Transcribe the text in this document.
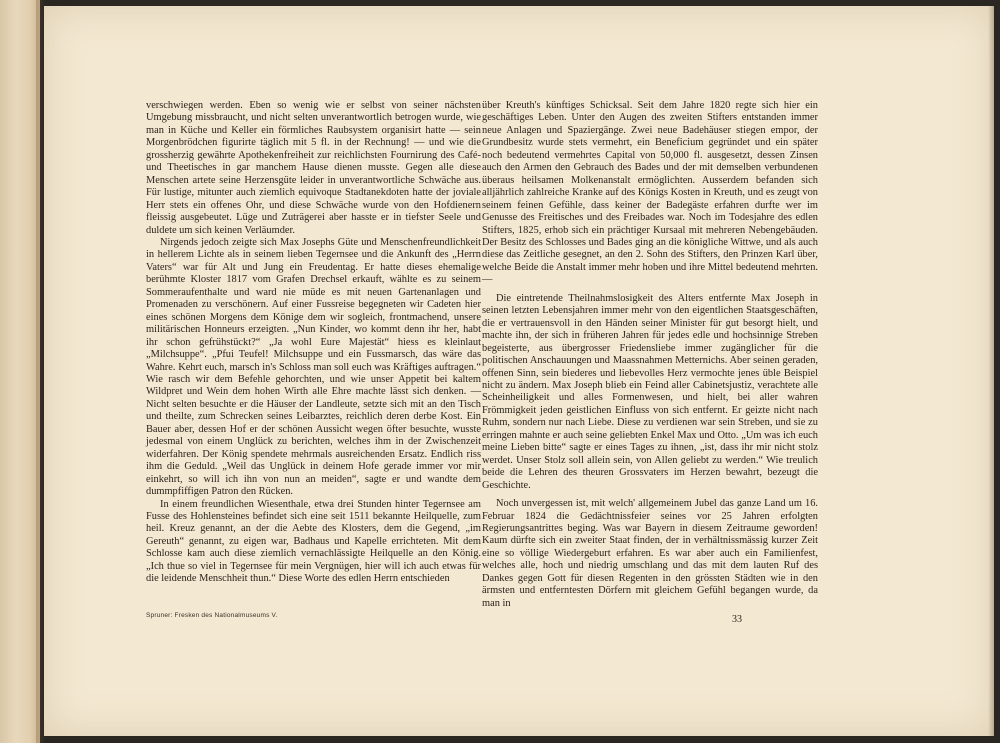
verschwiegen werden. Eben so wenig wie er selbst von seiner nächsten Umgebung missbraucht, und nicht selten unverantwortlich betrogen wurde, wie man in Küche und Keller ein förmliches Raubsystem organisirt hatte — sein Morgenbrödchen figurirte täglich mit 5 fl. in der Rechnung! — und wie die grossherzig gewährte Apothekenfreiheit zur reichlichsten Fournirung des Café- und Theetisches in gar manchem Hause dienen musste. Gegen alle diese Menschen artete seine Herzensgüte leider in unverantwortliche Schwäche aus. Für lustige, mitunter auch ziemlich equivoque Stadtanekdoten hatte der joviale Herr stets ein offenes Ohr, und diese Schwäche wurde von den Hofdienern fleissig ausgebeutet. Lüge und Zuträgerei aber hasste er in tiefster Seele und duldete um sich keinen Verläumder.

Nirgends jedoch zeigte sich Max Josephs Güte und Menschenfreundlichkeit in hellerem Lichte als in seinem lieben Tegernsee und die Ankunft des „Herrn Vaters“ war für Alt und Jung ein Freudentag. Er hatte dieses ehemalige berühmte Kloster 1817 vom Grafen Drechsel erkauft, wählte es zu seinem Sommeraufenthalte und ward nie müde es mit neuen Gartenanlagen und Promenaden zu verschönern. Auf einer Fussreise begegneten wir Cadeten hier eines schönen Morgens dem Könige dem wir sogleich, frontmachend, unsere militärischen Honneurs erzeigten. „Nun Kinder, wo kommt denn ihr her, habt ihr schon gefrühstückt?“ „Ja wohl Eure Majestät“ hiess es kleinlaut „Milchsuppe“. „Pfui Teufel! Milchsuppe und ein Fussmarsch, das wäre das Wahre. Kehrt euch, marsch in's Schloss man soll euch was Kräftiges auftragen.“ Wie rasch wir dem Befehle gehorchten, und wie unser Appetit bei kaltem Wildpret und Wein dem hohen Wirth alle Ehre machte lässt sich denken. — Nicht selten besuchte er die Häuser der Landleute, setzte sich mit an den Tisch und theilte, zum Schrecken seines Leibarztes, reichlich deren derbe Kost. Ein Bauer aber, dessen Hof er der schönen Aussicht wegen öfter besuchte, wusste jedesmal von einem Unglück zu berichten, welches ihm in der Zwischenzeit widerfahren. Der König spendete mehrmals ausreichenden Ersatz. Endlich riss ihm die Geduld. „Weil das Unglück in deinem Hofe gerade immer vor mir einkehrt, so will ich ihn von nun an meiden“, sagte er und wandte dem dummpfiffigen Patron den Rücken.

In einem freundlichen Wiesenthale, etwa drei Stunden hinter Tegernsee am Fusse des Hohlensteines befindet sich eine seit 1511 bekannte Heilquelle, zum heil. Kreuz genannt, an der die Aebte des Klosters, dem die Gegend, „im Gereuth“ genannt, zu eigen war, Badhaus und Kapelle errichteten. Mit dem Schlosse kam auch diese ziemlich vernachlässigte Heilquelle an den König. „Ich thue so viel in Tegernsee für mein Vergnügen, hier will ich auch etwas für die leidende Menschheit thun.“ Diese Worte des edlen Herrn entschieden

über Kreuth's künftiges Schicksal. Seit dem Jahre 1820 regte sich hier ein geschäftiges Leben. Unter den Augen des zweiten Stifters entstanden immer neue Anlagen und Spaziergänge. Zwei neue Badehäuser stiegen empor, der Grundbesitz wurde stets vermehrt, ein Beneficium gegründet und ein später noch bedeutend vermehrtes Capital von 50,000 fl. ausgesetzt, dessen Zinsen auch den Armen den Gebrauch des Bades und der mit demselben verbundenen überaus heilsamen Molkenanstalt ermöglichten. Ausserdem befanden sich alljährlich zahlreiche Kranke auf des Königs Kosten in Kreuth, und es zeugt von seinem feinen Gefühle, dass keiner der Badegäste erfahren durfte wer im Genusse des Freitisches und des Freibades war. Noch im Todesjahre des edlen Stifters, 1825, erhob sich ein prächtiger Kursaal mit mehreren Nebengebäuden. Der Besitz des Schlosses und Bades ging an die königliche Wittwe, und als auch diese das Zeitliche gesegnet, an den 2. Sohn des Stifters, den Prinzen Karl über, welche Beide die Anstalt immer mehr hoben und ihre Mittel bedeutend mehrten. —

Die eintretende Theilnahmslosigkeit des Alters entfernte Max Joseph in seinen letzten Lebensjahren immer mehr von den eigentlichen Staatsgeschäften, die er vertrauensvoll in den Händen seiner Minister für gut besorgt hielt, und machte ihn, der sich in früheren Jahren für jedes edle und hochsinnige Streben begeisterte, aus übergrosser Friedensliebe immer zugänglicher für die politischen Anschauungen und Maassnahmen Metternichs. Aber seinen geraden, offenen Sinn, sein biederes und liebevolles Herz vermochte jenes üble Beispiel nicht zu ändern. Max Joseph blieb ein Feind aller Cabinetsjustiz, verachtete alle Scheinheiligkeit und alles Formenwesen, und hielt, bei aller wahren Frömmigkeit jeden geistlichen Einfluss von sich entfernt. Er geizte nicht nach Ruhm, sondern nur nach Liebe. Diese zu verdienen war sein Streben, und sie zu erringen mahnte er auch seine geliebten Enkel Max und Otto. „Um was ich euch meine Lieben bitte“ sagte er eines Tages zu ihnen, „ist, dass ihr mir nicht stolz werdet. Unser Stolz soll allein sein, von Allen geliebt zu werden.“ Wie treulich beide die Lehren des theuren Grossvaters im Herzen bewahrt, bezeugt die Geschichte.

Noch unvergessen ist, mit welch' allgemeinem Jubel das ganze Land um 16. Februar 1824 die Gedächtnissfeier seines vor 25 Jahren erfolgten Regierungsantrittes beging. Was war Bayern in diesem Zeitraume geworden! Kaum dürfte sich ein zweiter Staat finden, der in verhältnissmässig kurzer Zeit eine so völlige Wiedergeburt erfahren. Es war aber auch ein Familienfest, welches alle, hoch und niedrig umschlang und das mit dem lauten Ruf des Dankes gegen Gott für diesen Regenten in den grössten Städten wie in den ärmsten und entferntesten Dörfern mit gleichem Gefühl begangen wurde, da man in

Spruner: Fresken des Nationalmuseums V.	33
